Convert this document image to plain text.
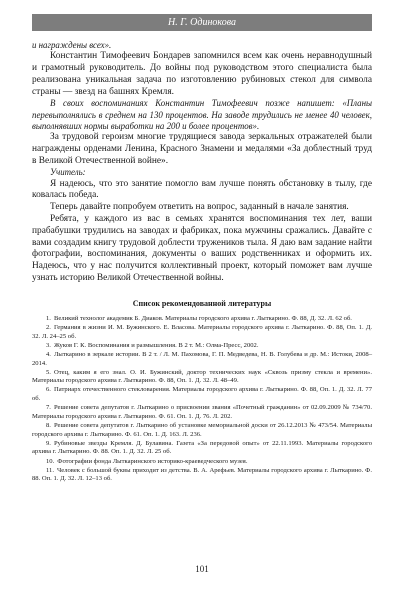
Н. Г. Одинокова

и награждены всех».

Константин Тимофеевич Бондарев запомнился всем как очень неравнодушный и грамотный руководитель. До войны под руководством этого специалиста была реализована уникальная задача по изготовлению рубиновых стекол для символа страны — звезд на башнях Кремля.

В своих воспоминаниях Константин Тимофеевич позже напишет: «Планы перевыполнялись в среднем на 130 процентов. На заводе трудились не менее 40 человек, выполнявших нормы выработки на 200 и более процентов».

За трудовой героизм многие трудящиеся завода зеркальных отражателей были награждены орденами Ленина, Красного Знамени и медалями «За доблестный труд в Великой Отечественной войне».

Учитель:

Я надеюсь, что это занятие помогло вам лучше понять обстановку в тылу, где ковалась победа.

Теперь давайте попробуем ответить на вопрос, заданный в начале занятия.

Ребята, у каждого из вас в семьях хранятся воспоминания тех лет, ваши прабабушки трудились на заводах и фабриках, пока мужчины сражались. Давайте с вами создадим книгу трудовой доблести тружеников тыла. Я даю вам задание найти фотографии, воспоминания, документы о ваших родственниках и оформить их. Надеюсь, что у нас получится коллективный проект, который поможет вам лучше узнать историю Великой Отечественной войны.

Список рекомендованной литературы
1. Великий технолог академик Б. Диаков. Материалы городского архива г. Лыткарино. Ф. 88, Д. 32. Л. 62 об.
2. Германия в жизни И. М. Бужинского. Е. Власова. Материалы городского архива г. Лыткарино. Ф. 88, Оп. 1. Д. 32. Л. 24–25 об.
3. Жуков Г. К. Воспоминания и размышления. В 2 т. М.: Олма-Пресс, 2002.
4. Лыткарино в зеркале истории. В 2 т. / Л. М. Пахомова, Г. П. Медведева, Н. В. Голубева и др. М.: Истоки, 2008–2014.
5. Отец, каким я его знал. О. И. Бужинский, доктор технических наук «Сквозь призму стекла и времени». Материалы городского архива г. Лыткарино. Ф. 88, Оп. 1. Д. 32. Л. 48–49.
6. Патриарх отечественного стекловарения. Материалы городского архива г. Лыткарино. Ф. 88, Оп. 1. Д. 32. Л. 77 об.
7. Решение совета депутатов г. Лыткарино о присвоении звания «Почетный гражданин» от 02.09.2009 № 734/70. Материалы городского архива г. Лыткарино. Ф. 61. Оп. 1. Д. 76. Л. 202.
8. Решение совета депутатов г. Лыткарино об установке мемориальной доски от 26.12.2013 № 473/54. Материалы городского архива г. Лыткарино. Ф. 61. Оп. 1. Д. 163. Л. 236.
9. Рубиновые звезды Кремля. Д. Булавина. Газета «За передовой опыт» от 22.11.1993. Материалы городского архива г. Лыткарино. Ф. 88. Оп. 1. Д. 32. Л. 25 об.
10. Фотографии фонда Лыткаринского историко-краеведческого музея.
11. Человек с большой буквы приходит из детства. В. А. Арефьев. Материалы городского архива г. Лыткарино. Ф. 88. Оп. 1. Д. 32. Л. 12–13 об.
101
